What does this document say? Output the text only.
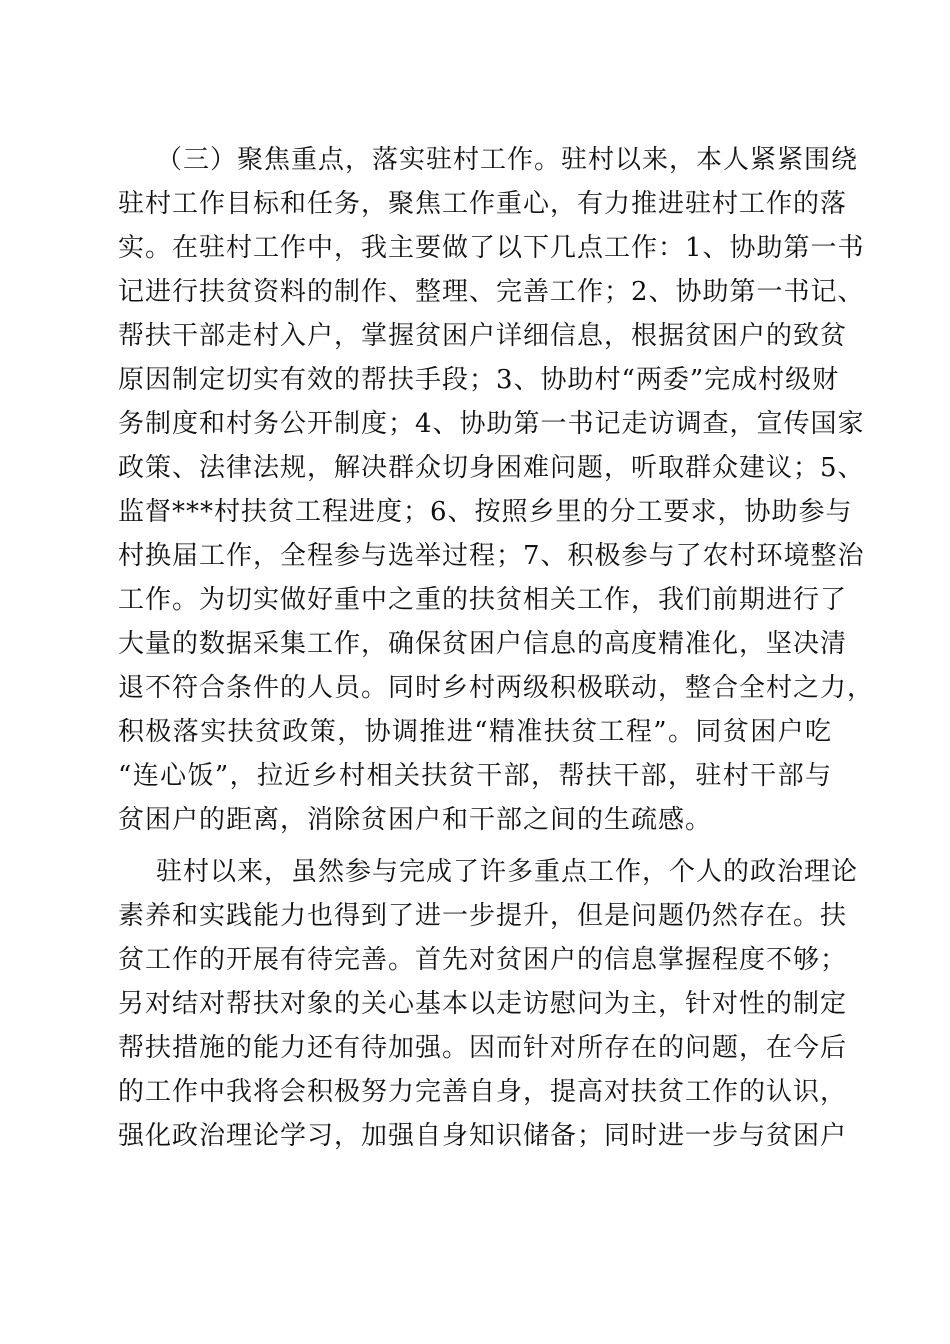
（三）聚焦重点，落实驻村工作。驻村以来，本人紧紧围绕
驻村工作目标和任务，聚焦工作重心，有力推进驻村工作的落
实。在驻村工作中，我主要做了以下几点工作：1、协助第一书
记进行扶贫资料的制作、整理、完善工作；2、协助第一书记、
帮扶干部走村入户，掌握贫困户详细信息，根据贫困户的致贫
原因制定切实有效的帮扶手段；3、协助村“两委”完成村级财
务制度和村务公开制度；4、协助第一书记走访调查，宣传国家
政策、法律法规，解决群众切身困难问题，听取群众建议；5、
监督***村扶贫工程进度；6、按照乡里的分工要求，协助参与
村换届工作，全程参与选举过程；7、积极参与了农村环境整治
工作。为切实做好重中之重的扶贫相关工作，我们前期进行了
大量的数据采集工作，确保贫困户信息的高度精准化，坚决清
退不符合条件的人员。同时乡村两级积极联动，整合全村之力，
积极落实扶贫政策，协调推进“精准扶贫工程”。同贫困户吃
“连心饭”，拉近乡村相关扶贫干部，帮扶干部，驻村干部与
贫困户的距离，消除贫困户和干部之间的生疏感。
驻村以来，虽然参与完成了许多重点工作，个人的政治理论
素养和实践能力也得到了进一步提升，但是问题仍然存在。扶
贫工作的开展有待完善。首先对贫困户的信息掌握程度不够；
另对结对帮扶对象的关心基本以走访慰问为主，针对性的制定
帮扶措施的能力还有待加强。因而针对所存在的问题，在今后
的工作中我将会积极努力完善自身，提高对扶贫工作的认识，
强化政治理论学习，加强自身知识储备；同时进一步与贫困户
